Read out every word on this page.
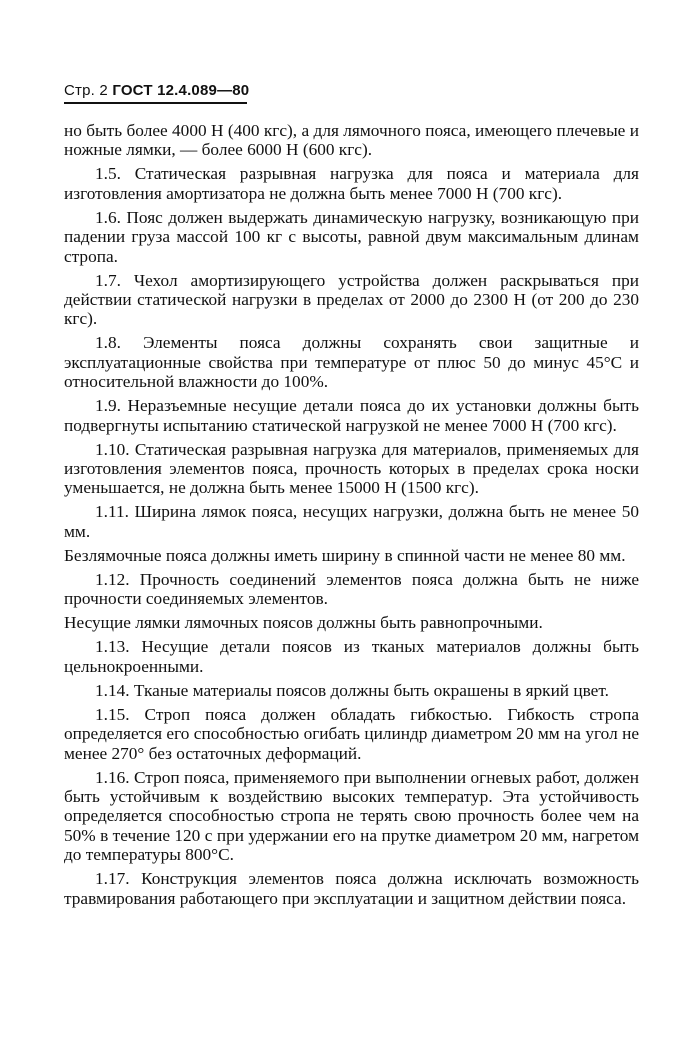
Стр. 2 ГОСТ 12.4.089—80

но быть более 4000 Н (400 кгс), а для лямочного пояса, имеющего плечевые и ножные лямки, — более 6000 Н (600 кгс).

1.5. Статическая разрывная нагрузка для пояса и материала для изготовления амортизатора не должна быть менее 7000 Н (700 кгс).

1.6. Пояс должен выдержать динамическую нагрузку, возникающую при падении груза массой 100 кг с высоты, равной двум максимальным длинам стропа.

1.7. Чехол амортизирующего устройства должен раскрываться при действии статической нагрузки в пределах от 2000 до 2300 Н (от 200 до 230 кгс).

1.8. Элементы пояса должны сохранять свои защитные и эксплуатационные свойства при температуре от плюс 50 до минус 45°С и относительной влажности до 100%.

1.9. Неразъемные несущие детали пояса до их установки должны быть подвергнуты испытанию статической нагрузкой не менее 7000 Н (700 кгс).

1.10. Статическая разрывная нагрузка для материалов, применяемых для изготовления элементов пояса, прочность которых в пределах срока носки уменьшается, не должна быть менее 15000 Н (1500 кгс).

1.11. Ширина лямок пояса, несущих нагрузки, должна быть не менее 50 мм.

Безлямочные пояса должны иметь ширину в спинной части не менее 80 мм.

1.12. Прочность соединений элементов пояса должна быть не ниже прочности соединяемых элементов.

Несущие лямки лямочных поясов должны быть равнопрочными.

1.13. Несущие детали поясов из тканых материалов должны быть цельнокроенными.

1.14. Тканые материалы поясов должны быть окрашены в яркий цвет.

1.15. Строп пояса должен обладать гибкостью. Гибкость стропа определяется его способностью огибать цилиндр диаметром 20 мм на угол не менее 270° без остаточных деформаций.

1.16. Строп пояса, применяемого при выполнении огневых работ, должен быть устойчивым к воздействию высоких температур. Эта устойчивость определяется способностью стропа не терять свою прочность более чем на 50% в течение 120 с при удержании его на прутке диаметром 20 мм, нагретом до температуры 800°С.

1.17. Конструкция элементов пояса должна исключать возможность травмирования работающего при эксплуатации и защитном действии пояса.
